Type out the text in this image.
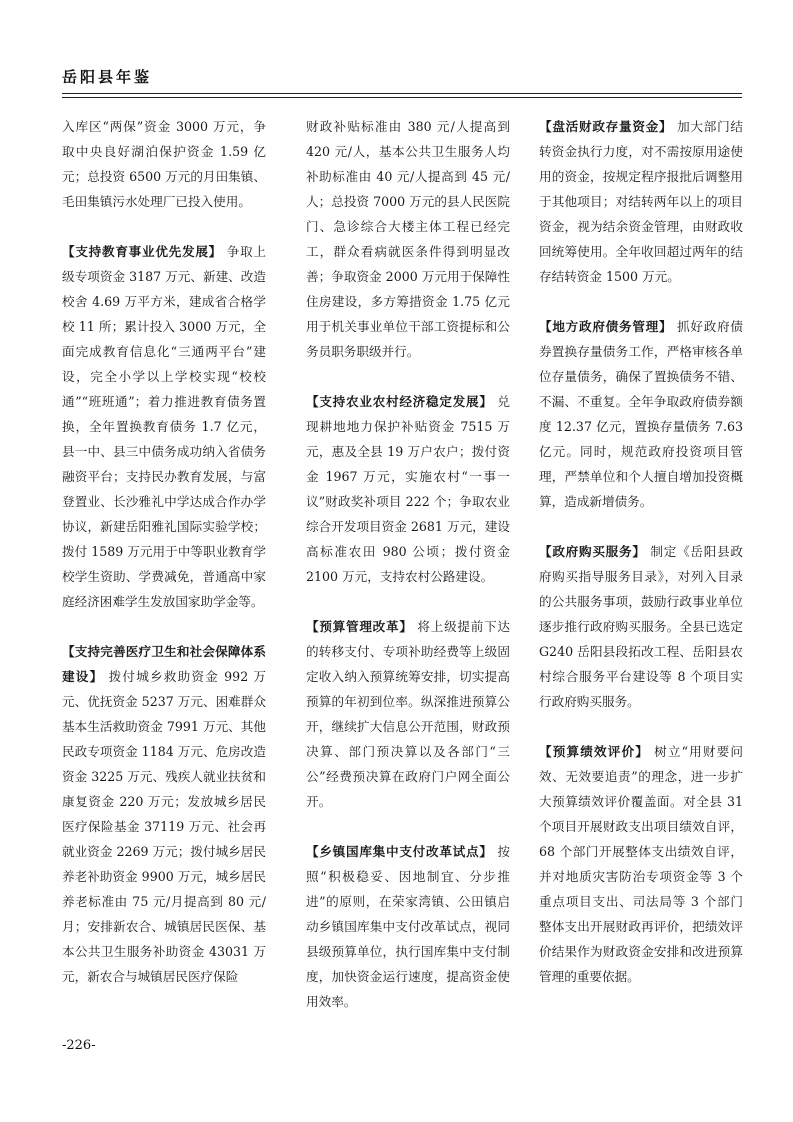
岳阳县年鉴

入库区“两保”资金 3000 万元，争取中央良好湖泊保护资金 1.59 亿元；总投资 6500 万元的月田集镇、毛田集镇污水处理厂已投入使用。

【支持教育事业优先发展】 争取上级专项资金 3187 万元、新建、改造校舍 4.69 万平方米，建成省合格学校 11 所；累计投入 3000 万元，全面完成教育信息化“三通两平台”建设，完全小学以上学校实现“校校通”“班班通”；着力推进教育债务置换，全年置换教育债务 1.7 亿元，县一中、县三中债务成功纳入省债务融资平台；支持民办教育发展，与富登置业、长沙雅礼中学达成合作办学协议，新建岳阳雅礼国际实验学校；拨付 1589 万元用于中等职业教育学校学生资助、学费减免，普通高中家庭经济困难学生发放国家助学金等。

【支持完善医疗卫生和社会保障体系建设】 拨付城乡救助资金 992 万元、优抚资金 5237 万元、困难群众基本生活救助资金 7991 万元、其他民政专项资金 1184 万元、危房改造资金 3225 万元、残疾人就业扶贫和康复资金 220 万元；发放城乡居民医疗保险基金 37119 万元、社会再就业资金 2269 万元；拨付城乡居民养老补助资金 9900 万元，城乡居民养老标准由 75 元/月提高到 80 元/月；安排新农合、城镇居民医保、基本公共卫生服务补助资金 43031 万元，新农合与城镇居民医疗保险

财政补贴标准由 380 元/人提高到 420 元/人，基本公共卫生服务人均补助标准由 40 元/人提高到 45 元/人；总投资 7000 万元的县人民医院门、急诊综合大楼主体工程已经完工，群众看病就医条件得到明显改善；争取资金 2000 万元用于保障性住房建设，多方筹措资金 1.75 亿元用于机关事业单位干部工资提标和公务员职务职级并行。

【支持农业农村经济稳定发展】 兑现耕地地力保护补贴资金 7515 万元，惠及全县 19 万户农户；拨付资金 1967 万元，实施农村“一事一议”财政奖补项目 222 个；争取农业综合开发项目资金 2681 万元，建设高标准农田 980 公顷；拨付资金 2100 万元，支持农村公路建设。

【预算管理改革】 将上级提前下达的转移支付、专项补助经费等上级固定收入纳入预算统筹安排，切实提高预算的年初到位率。纵深推进预算公开，继续扩大信息公开范围，财政预决算、部门预决算以及各部门“三公”经费预决算在政府门户网全面公开。

【乡镇国库集中支付改革试点】 按照“积极稳妥、因地制宜、分步推进”的原则，在荣家湾镇、公田镇启动乡镇国库集中支付改革试点，视同县级预算单位，执行国库集中支付制度，加快资金运行速度，提高资金使用效率。

【盘活财政存量资金】 加大部门结转资金执行力度，对不需按原用途使用的资金，按规定程序报批后调整用于其他项目；对结转两年以上的项目资金，视为结余资金管理，由财政收回统筹使用。全年收回超过两年的结存结转资金 1500 万元。

【地方政府债务管理】 抓好政府债券置换存量债务工作，严格审核各单位存量债务，确保了置换债务不错、不漏、不重复。全年争取政府债券额度 12.37 亿元，置换存量债务 7.63 亿元。同时，规范政府投资项目管理，严禁单位和个人擅自增加投资概算，造成新增债务。

【政府购买服务】 制定《岳阳县政府购买指导服务目录》，对列入目录的公共服务事项，鼓励行政事业单位逐步推行政府购买服务。全县已选定 G240 岳阳县段拓改工程、岳阳县农村综合服务平台建设等 8 个项目实行政府购买服务。

【预算绩效评价】 树立“用财要问效、无效要追责”的理念，进一步扩大预算绩效评价覆盖面。对全县 31 个项目开展财政支出项目绩效自评，68 个部门开展整体支出绩效自评，并对地质灾害防治专项资金等 3 个重点项目支出、司法局等 3 个部门整体支出开展财政再评价，把绩效评价结果作为财政资金安排和改进预算管理的重要依据。

-226-
